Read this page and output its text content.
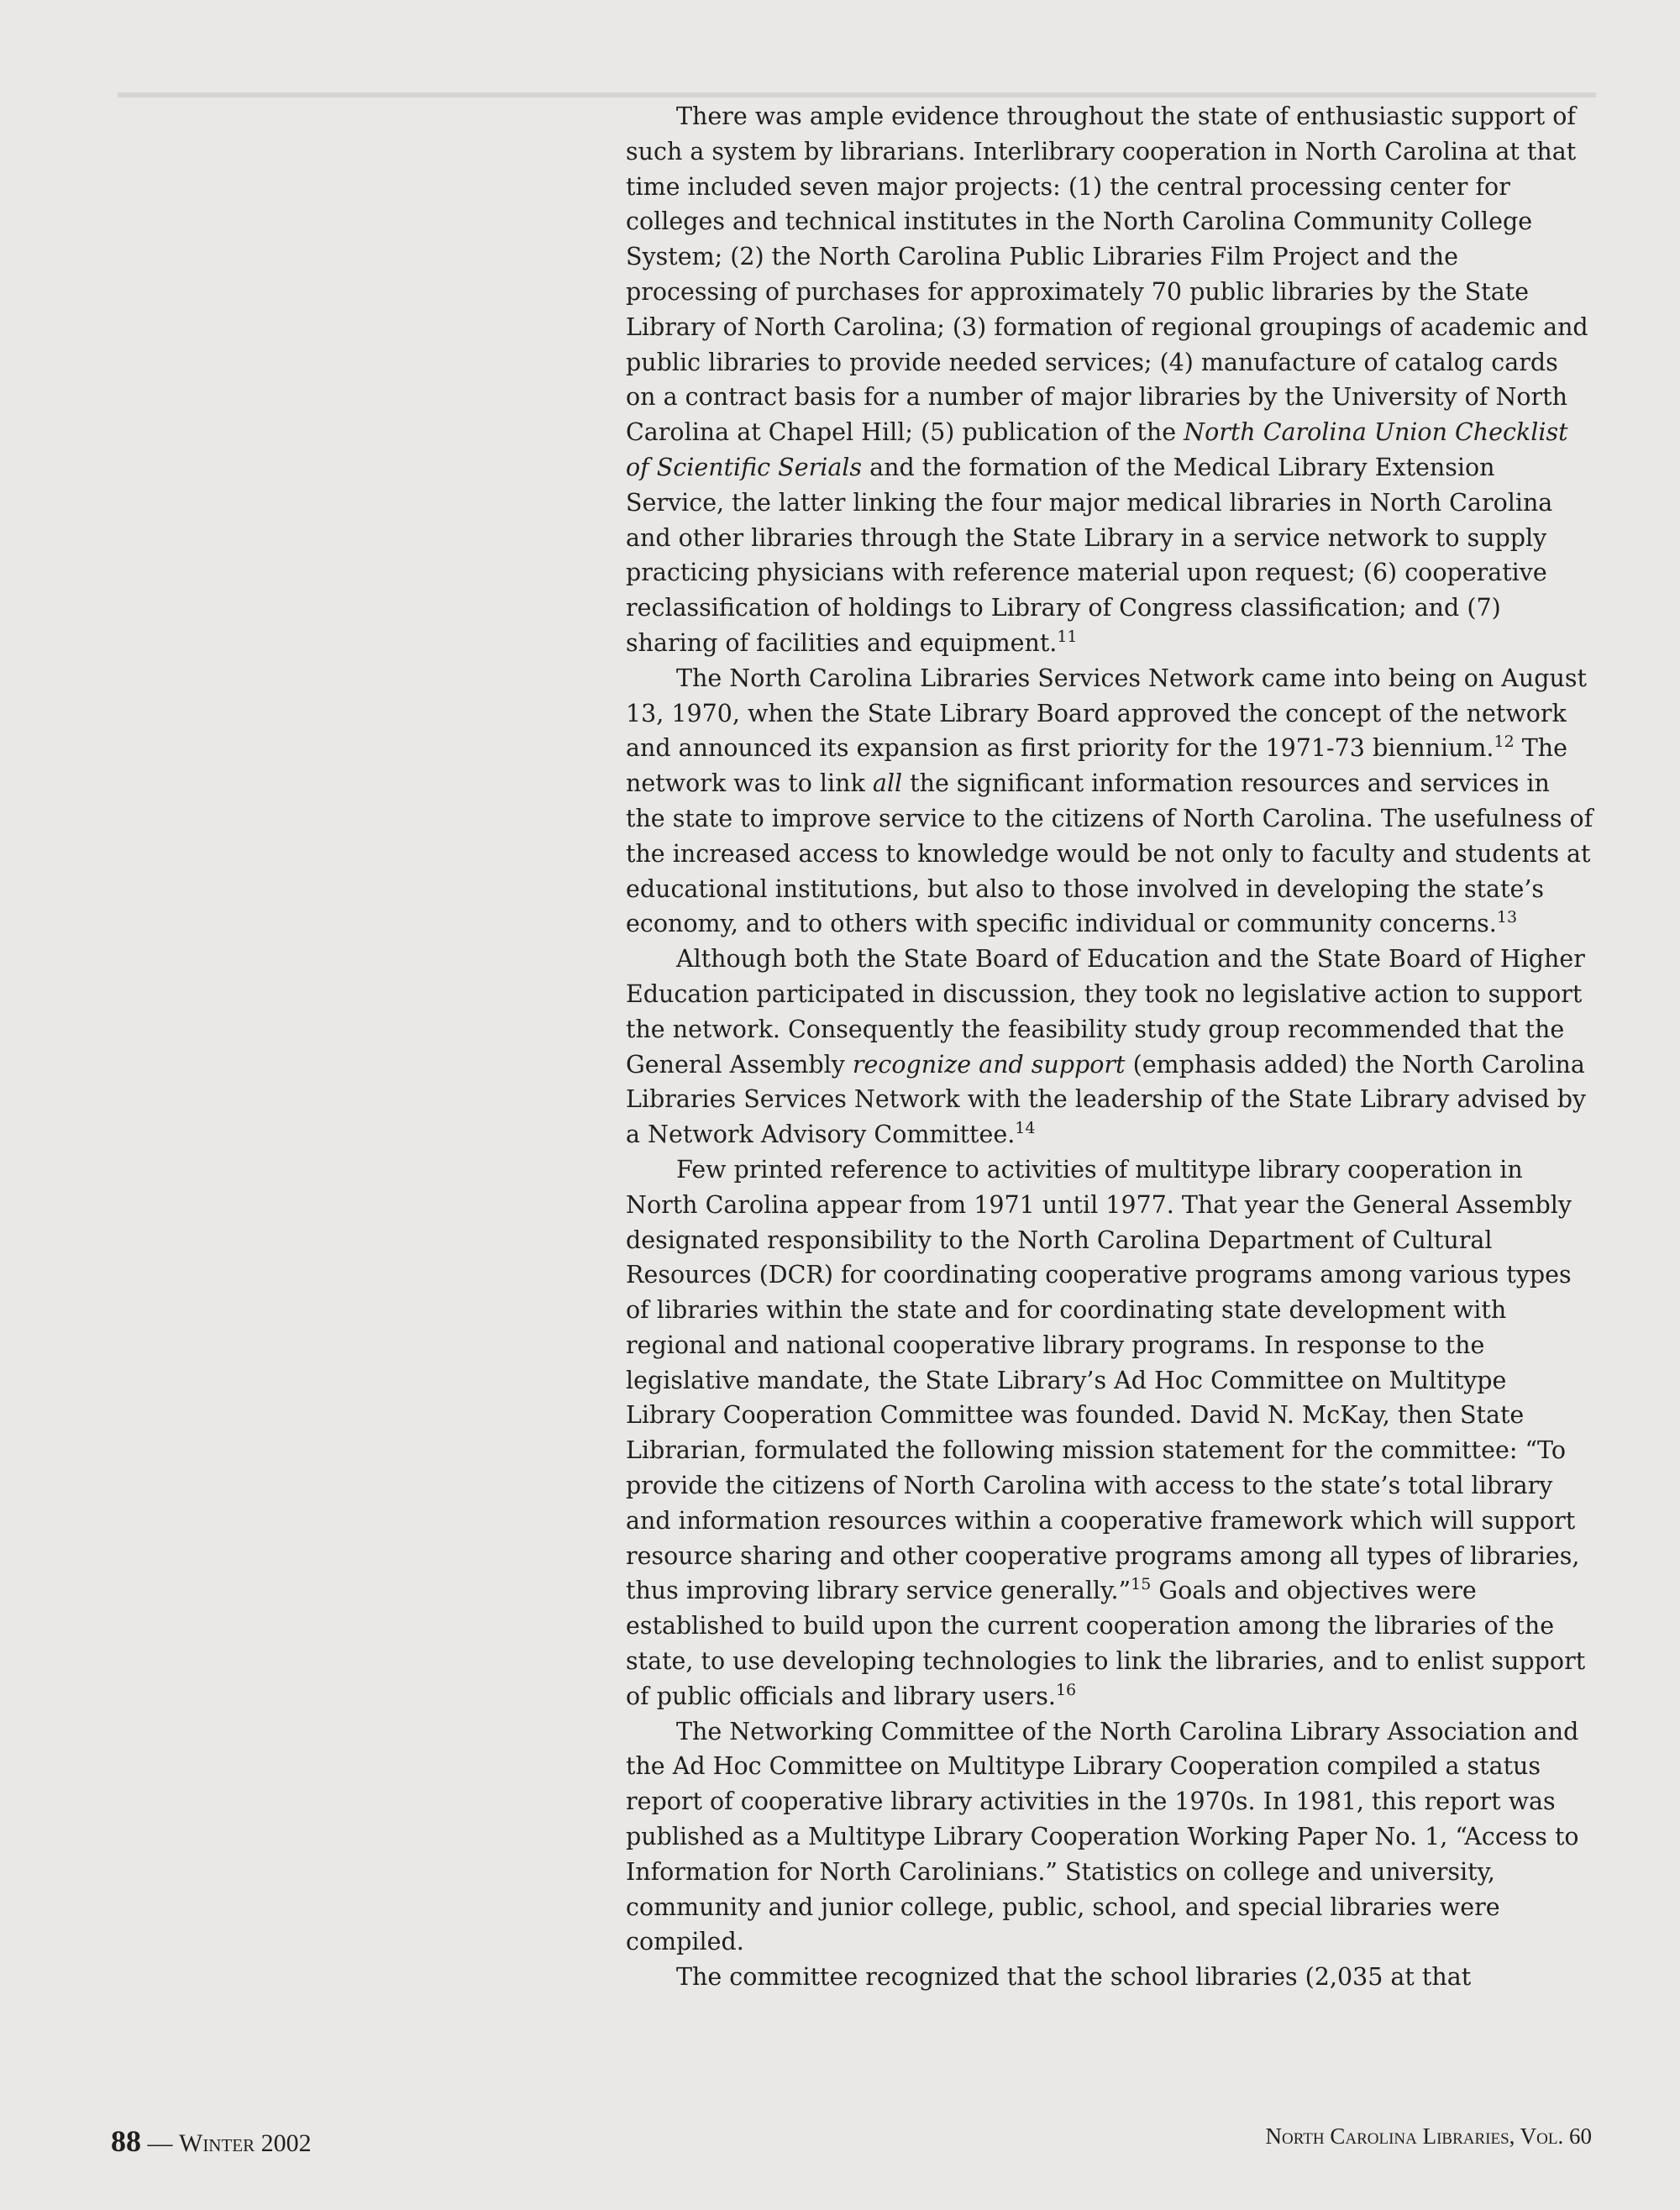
There was ample evidence throughout the state of enthusiastic support of such a system by librarians. Interlibrary cooperation in North Carolina at that time included seven major projects: (1) the central processing center for colleges and technical institutes in the North Carolina Community College System; (2) the North Carolina Public Libraries Film Project and the processing of purchases for approximately 70 public libraries by the State Library of North Carolina; (3) formation of regional groupings of academic and public libraries to provide needed services; (4) manufacture of catalog cards on a contract basis for a number of major libraries by the University of North Carolina at Chapel Hill; (5) publication of the North Carolina Union Checklist of Scientific Serials and the formation of the Medical Library Extension Service, the latter linking the four major medical libraries in North Carolina and other libraries through the State Library in a service network to supply practicing physicians with reference material upon request; (6) cooperative reclassification of holdings to Library of Congress classification; and (7) sharing of facilities and equipment.$^{11}$

The North Carolina Libraries Services Network came into being on August 13, 1970, when the State Library Board approved the concept of the network and announced its expansion as first priority for the 1971-73 biennium.$^{12}$ The network was to link all the significant information resources and services in the state to improve service to the citizens of North Carolina. The usefulness of the increased access to knowledge would be not only to faculty and students at educational institutions, but also to those involved in developing the state’s economy, and to others with specific individual or community concerns.$^{13}$

Although both the State Board of Education and the State Board of Higher Education participated in discussion, they took no legislative action to support the network. Consequently the feasibility study group recommended that the General Assembly recognize and support (emphasis added) the North Carolina Libraries Services Network with the leadership of the State Library advised by a Network Advisory Committee.$^{14}$

Few printed reference to activities of multitype library cooperation in North Carolina appear from 1971 until 1977. That year the General Assembly designated responsibility to the North Carolina Department of Cultural Resources (DCR) for coordinating cooperative programs among various types of libraries within the state and for coordinating state development with regional and national cooperative library programs. In response to the legislative mandate, the State Library’s Ad Hoc Committee on Multitype Library Cooperation Committee was founded. David N. McKay, then State Librarian, formulated the following mission statement for the committee: “To provide the citizens of North Carolina with access to the state’s total library and information resources within a cooperative framework which will support resource sharing and other cooperative programs among all types of libraries, thus improving library service generally.”$^{15}$ Goals and objectives were established to build upon the current cooperation among the libraries of the state, to use developing technologies to link the libraries, and to enlist support of public officials and library users.$^{16}$

The Networking Committee of the North Carolina Library Association and the Ad Hoc Committee on Multitype Library Cooperation compiled a status report of cooperative library activities in the 1970s. In 1981, this report was published as a Multitype Library Cooperation Working Paper No. 1, “Access to Information for North Carolinians.” Statistics on college and university, community and junior college, public, school, and special libraries were compiled.

The committee recognized that the school libraries (2,035 at that

88 — Winter 2002	North Carolina Libraries, Vol. 60
